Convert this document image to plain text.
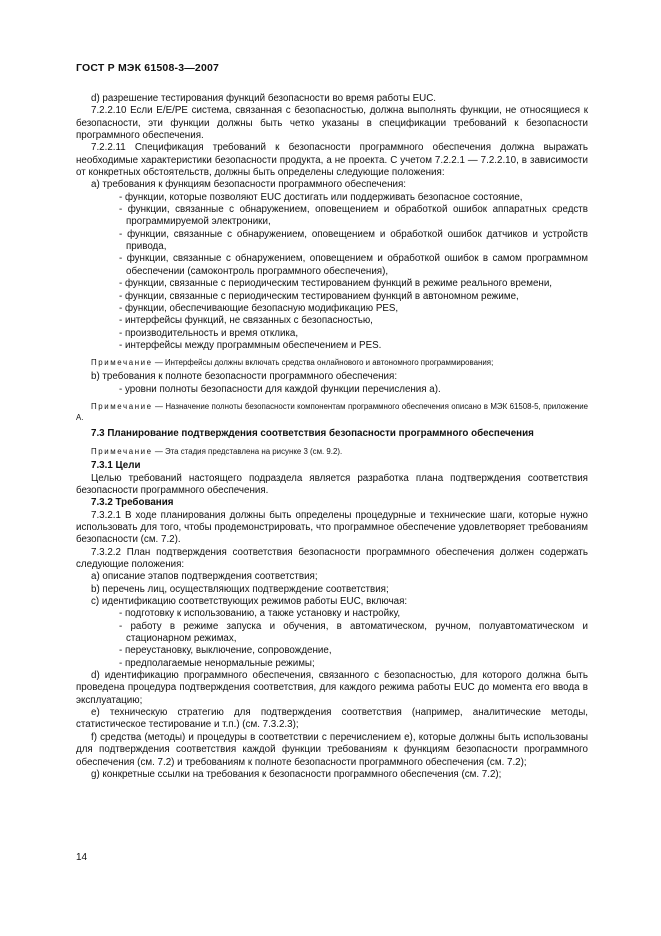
ГОСТ Р МЭК 61508-3—2007

d) разрешение тестирования функций безопасности во время работы EUC.

7.2.2.10 Если E/E/PE система, связанная с безопасностью, должна выполнять функции, не относящиеся к безопасности, эти функции должны быть четко указаны в спецификации требований к безопасности программного обеспечения.

7.2.2.11 Спецификация требований к безопасности программного обеспечения должна выражать необходимые характеристики безопасности продукта, а не проекта. С учетом 7.2.2.1 — 7.2.2.10, в зависимости от конкретных обстоятельств, должны быть определены следующие положения:

а) требования к функциям безопасности программного обеспечения:

- функции, которые позволяют EUC достигать или поддерживать безопасное состояние,

- функции, связанные с обнаружением, оповещением и обработкой ошибок аппаратных средств программируемой электроники,

- функции, связанные с обнаружением, оповещением и обработкой ошибок датчиков и устройств привода,

- функции, связанные с обнаружением, оповещением и обработкой ошибок в самом программном обеспечении (самоконтроль программного обеспечения),

- функции, связанные с периодическим тестированием функций в режиме реального времени,

- функции, связанные с периодическим тестированием функций в автономном режиме,

- функции, обеспечивающие безопасную модификацию PES,

- интерфейсы функций, не связанных с безопасностью,

- производительность и время отклика,

- интерфейсы между программным обеспечением и PES.

Примечание — Интерфейсы должны включать средства онлайнового и автономного программирования;

b) требования к полноте безопасности программного обеспечения:

- уровни полноты безопасности для каждой функции перечисления а).

Примечание — Назначение полноты безопасности компонентам программного обеспечения описано в МЭК 61508-5, приложение А.

7.3 Планирование подтверждения соответствия безопасности программного обеспечения

Примечание — Эта стадия представлена на рисунке 3 (см. 9.2).

7.3.1 Цели

Целью требований настоящего подраздела является разработка плана подтверждения соответствия безопасности программного обеспечения.

7.3.2 Требования

7.3.2.1 В ходе планирования должны быть определены процедурные и технические шаги, которые нужно использовать для того, чтобы продемонстрировать, что программное обеспечение удовлетворяет требованиям безопасности (см. 7.2).

7.3.2.2 План подтверждения соответствия безопасности программного обеспечения должен содержать следующие положения:

а) описание этапов подтверждения соответствия;

b) перечень лиц, осуществляющих подтверждение соответствия;

с) идентификацию соответствующих режимов работы EUC, включая:

- подготовку к использованию, а также установку и настройку,

- работу в режиме запуска и обучения, в автоматическом, ручном, полуавтоматическом и стационарном режимах,

- переустановку, выключение, сопровождение,

- предполагаемые ненормальные режимы;

d) идентификацию программного обеспечения, связанного с безопасностью, для которого должна быть проведена процедура подтверждения соответствия, для каждого режима работы EUC до момента его ввода в эксплуатацию;

e) техническую стратегию для подтверждения соответствия (например, аналитические методы, статистическое тестирование и т.п.) (см. 7.3.2.3);

f) средства (методы) и процедуры в соответствии с перечислением е), которые должны быть использованы для подтверждения соответствия каждой функции требованиям к функциям безопасности программного обеспечения (см. 7.2) и требованиям к полноте безопасности программного обеспечения (см. 7.2);

g) конкретные ссылки на требования к безопасности программного обеспечения (см. 7.2);

14
